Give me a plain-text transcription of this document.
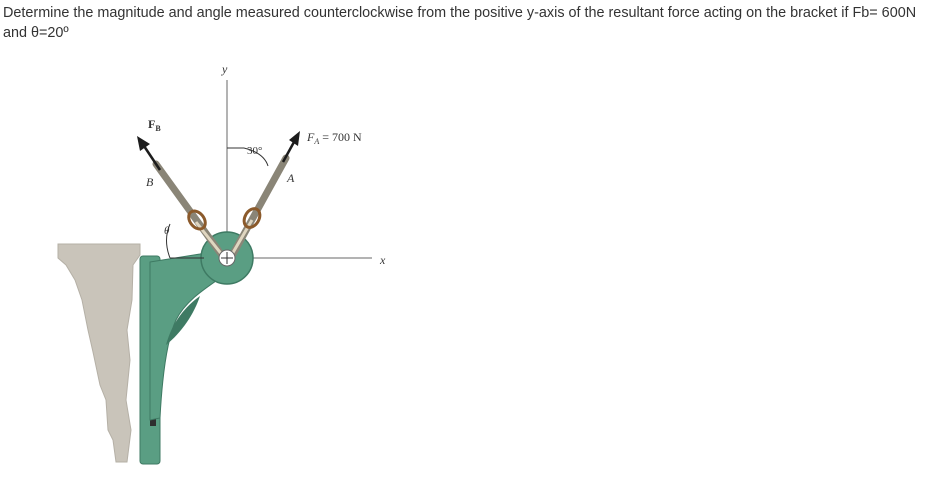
Determine the magnitude and angle measured counterclockwise from the positive y-axis of the resultant force acting on the bracket if Fb= 600N and θ=20º

y
x
$F_B$
$F_A = 700$ N
30°
θ
B	A
